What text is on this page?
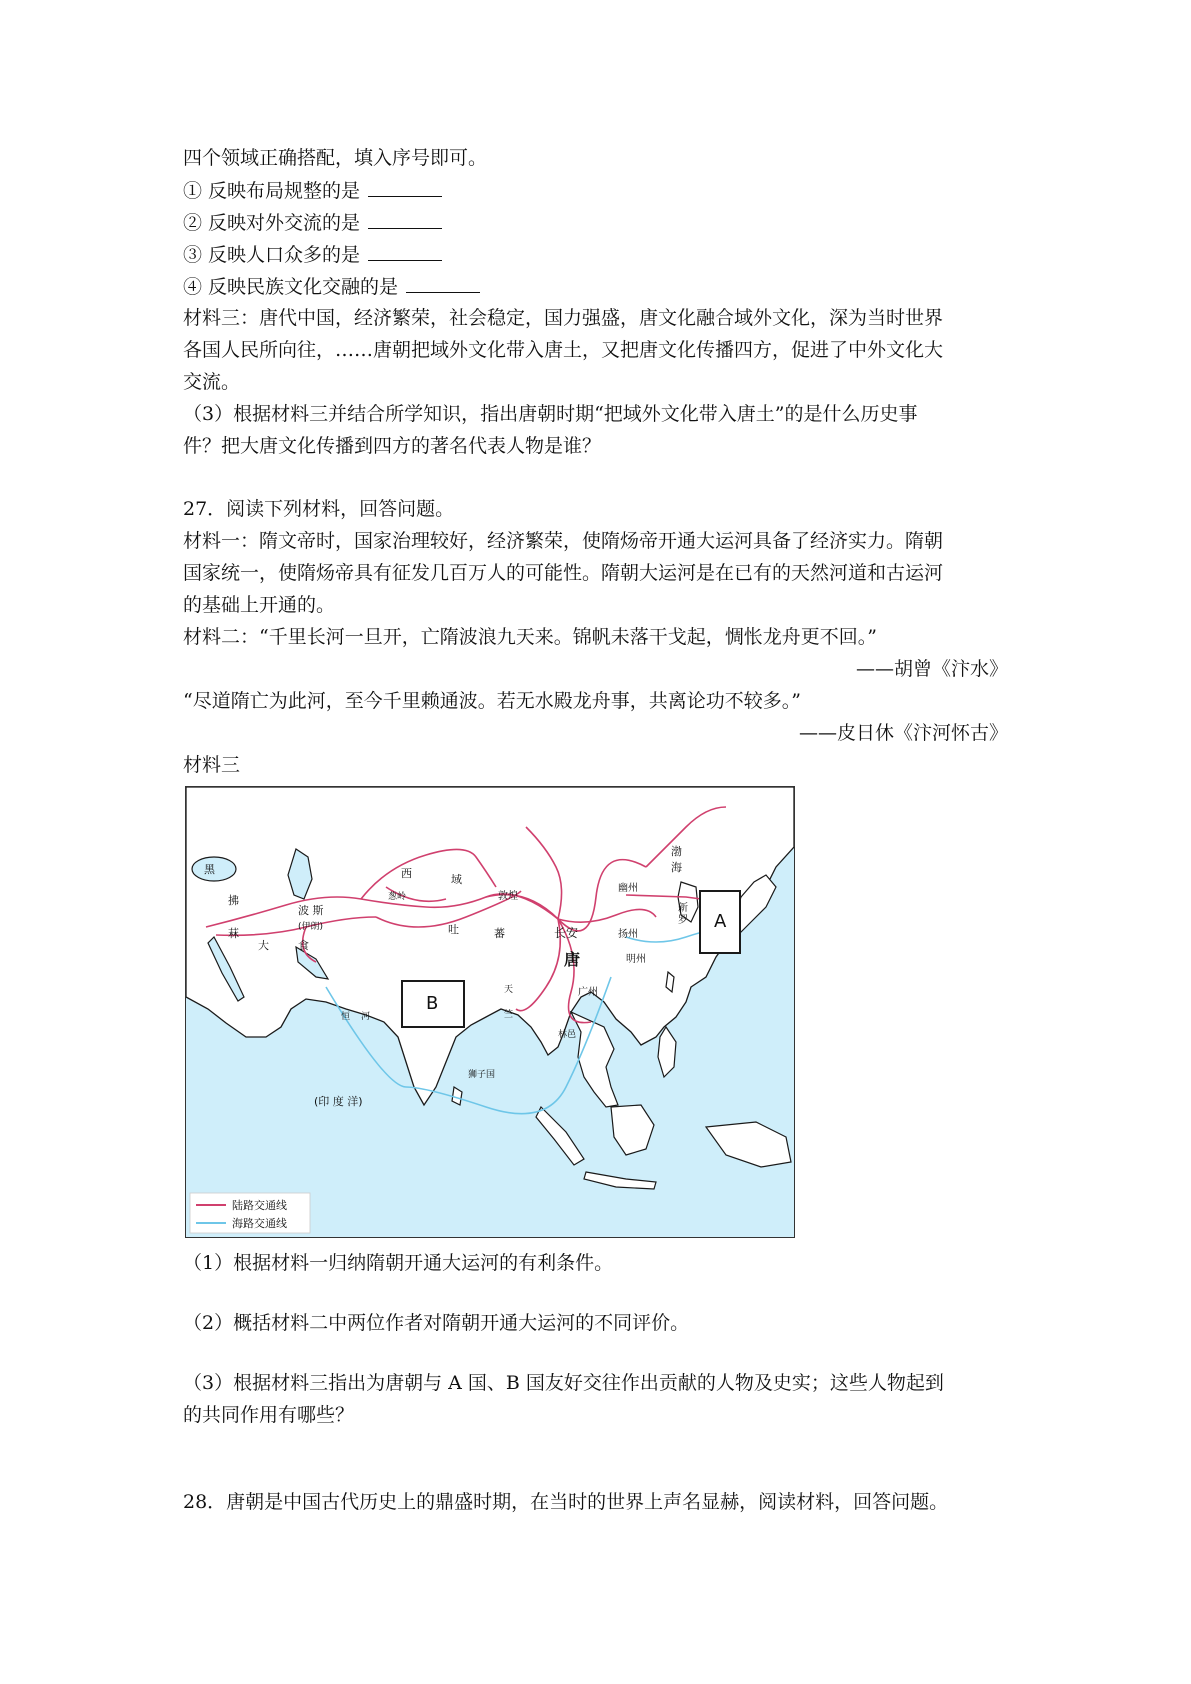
四个领域正确搭配，填入序号即可。
① 反映布局规整的是
② 反映对外交流的是
③ 反映人口众多的是
④ 反映民族文化交融的是
材料三：唐代中国，经济繁荣，社会稳定，国力强盛，唐文化融合域外文化，深为当时世界
各国人民所向往，……唐朝把域外文化带入唐土，又把唐文化传播四方，促进了中外文化大
交流。
（3）根据材料三并结合所学知识，指出唐朝时期“把域外文化带入唐土”的是什么历史事
件？把大唐文化传播到四方的著名代表人物是谁？
27．阅读下列材料，回答问题。
材料一：隋文帝时，国家治理较好，经济繁荣，使隋炀帝开通大运河具备了经济实力。隋朝
国家统一，使隋炀帝具有征发几百万人的可能性。隋朝大运河是在已有的天然河道和古运河
的基础上开通的。
材料二：“千里长河一旦开，亡隋波浪九天来。锦帆未落干戈起，惆怅龙舟更不回。”
——胡曾《汴水》
“尽道隋亡为此河，至今千里赖通波。若无水殿龙舟事，共离论功不较多。”
——皮日休《汴河怀古》
材料三
A
B
黑	西	域
拂
菻
波 斯
(伊朗)
大	食
葱岭	敦煌
吐	蕃	长安
唐
幽州
扬州
明州
广州
渤
海
新
罗
天
竺
林邑
狮子国
恒 河
(印 度 洋)
陆路交通线
海路交通线
（1）根据材料一归纳隋朝开通大运河的有利条件。
（2）概括材料二中两位作者对隋朝开通大运河的不同评价。
（3）根据材料三指出为唐朝与 A 国、B 国友好交往作出贡献的人物及史实；这些人物起到
的共同作用有哪些？
28．唐朝是中国古代历史上的鼎盛时期，在当时的世界上声名显赫，阅读材料，回答问题。
